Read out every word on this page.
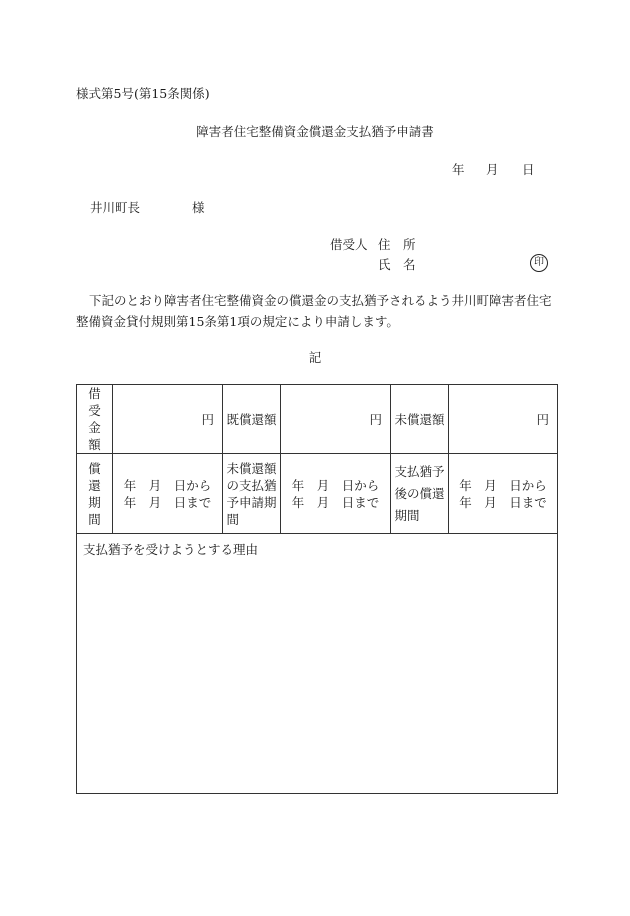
様式第5号(第15条関係)
障害者住宅整備資金償還金支払猶予申請書
年 月 日
井川町長	様
借受人 住　所
氏　名	印
下記のとおり障害者住宅整備資金の償還金の支払猶予されるよう井川町障害者住宅整備資金貸付規則第15条第1項の規定により申請します。
記
借受金額	円	既償還額	円	未償還額	円

償還期間	年　月　日から
年　月　日まで	未償還額の支払猶予申請期間	年　月　日から
年　月　日まで	支払猶予後の償還期間	年　月　日から
年　月　日まで

支払猶予を受けようとする理由					
